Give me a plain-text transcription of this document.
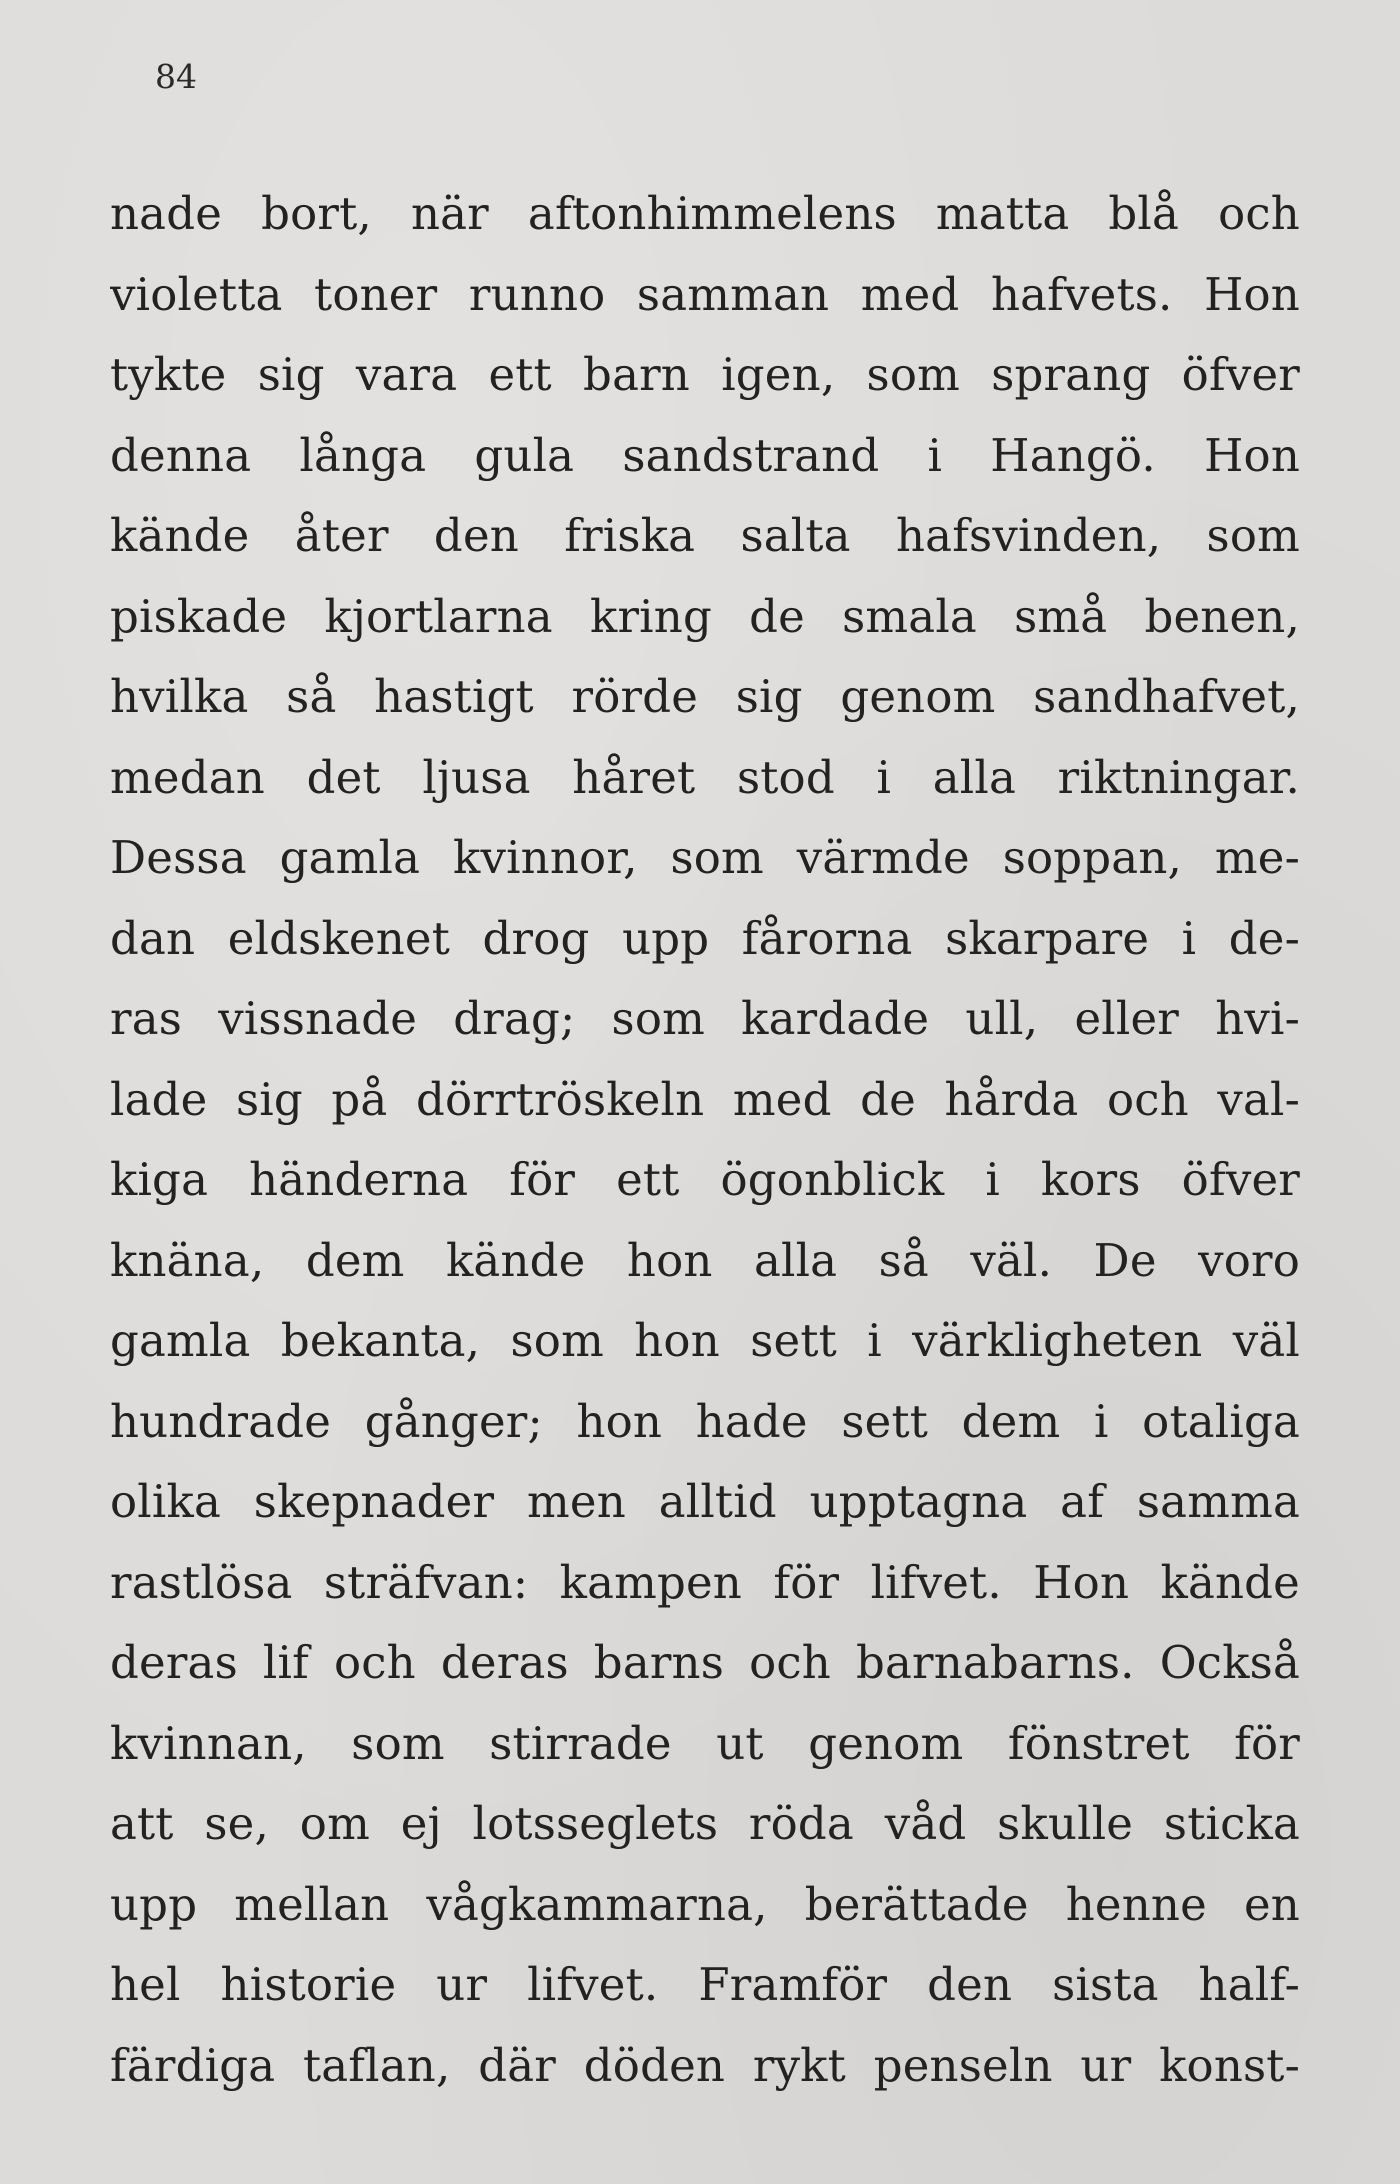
84

nade bort, när aftonhimmelens matta blå och
violetta toner runno samman med hafvets. Hon
tykte sig vara ett barn igen, som sprang öfver
denna långa gula sandstrand i Hangö. Hon
kände åter den friska salta hafsvinden, som
piskade kjortlarna kring de smala små benen,
hvilka så hastigt rörde sig genom sandhafvet,
medan det ljusa håret stod i alla riktningar.
Dessa gamla kvinnor, som värmde soppan, me-
dan eldskenet drog upp fårorna skarpare i de-
ras vissnade drag; som kardade ull, eller hvi-
lade sig på dörrtröskeln med de hårda och val-
kiga händerna för ett ögonblick i kors öfver
knäna, dem kände hon alla så väl. De voro
gamla bekanta, som hon sett i värkligheten väl
hundrade gånger; hon hade sett dem i otaliga
olika skepnader men alltid upptagna af samma
rastlösa sträfvan: kampen för lifvet. Hon kände
deras lif och deras barns och barnabarns. Också
kvinnan, som stirrade ut genom fönstret för
att se, om ej lotsseglets röda våd skulle sticka
upp mellan vågkammarna, berättade henne en
hel historie ur lifvet. Framför den sista half-
färdiga taflan, där döden rykt penseln ur konst-
